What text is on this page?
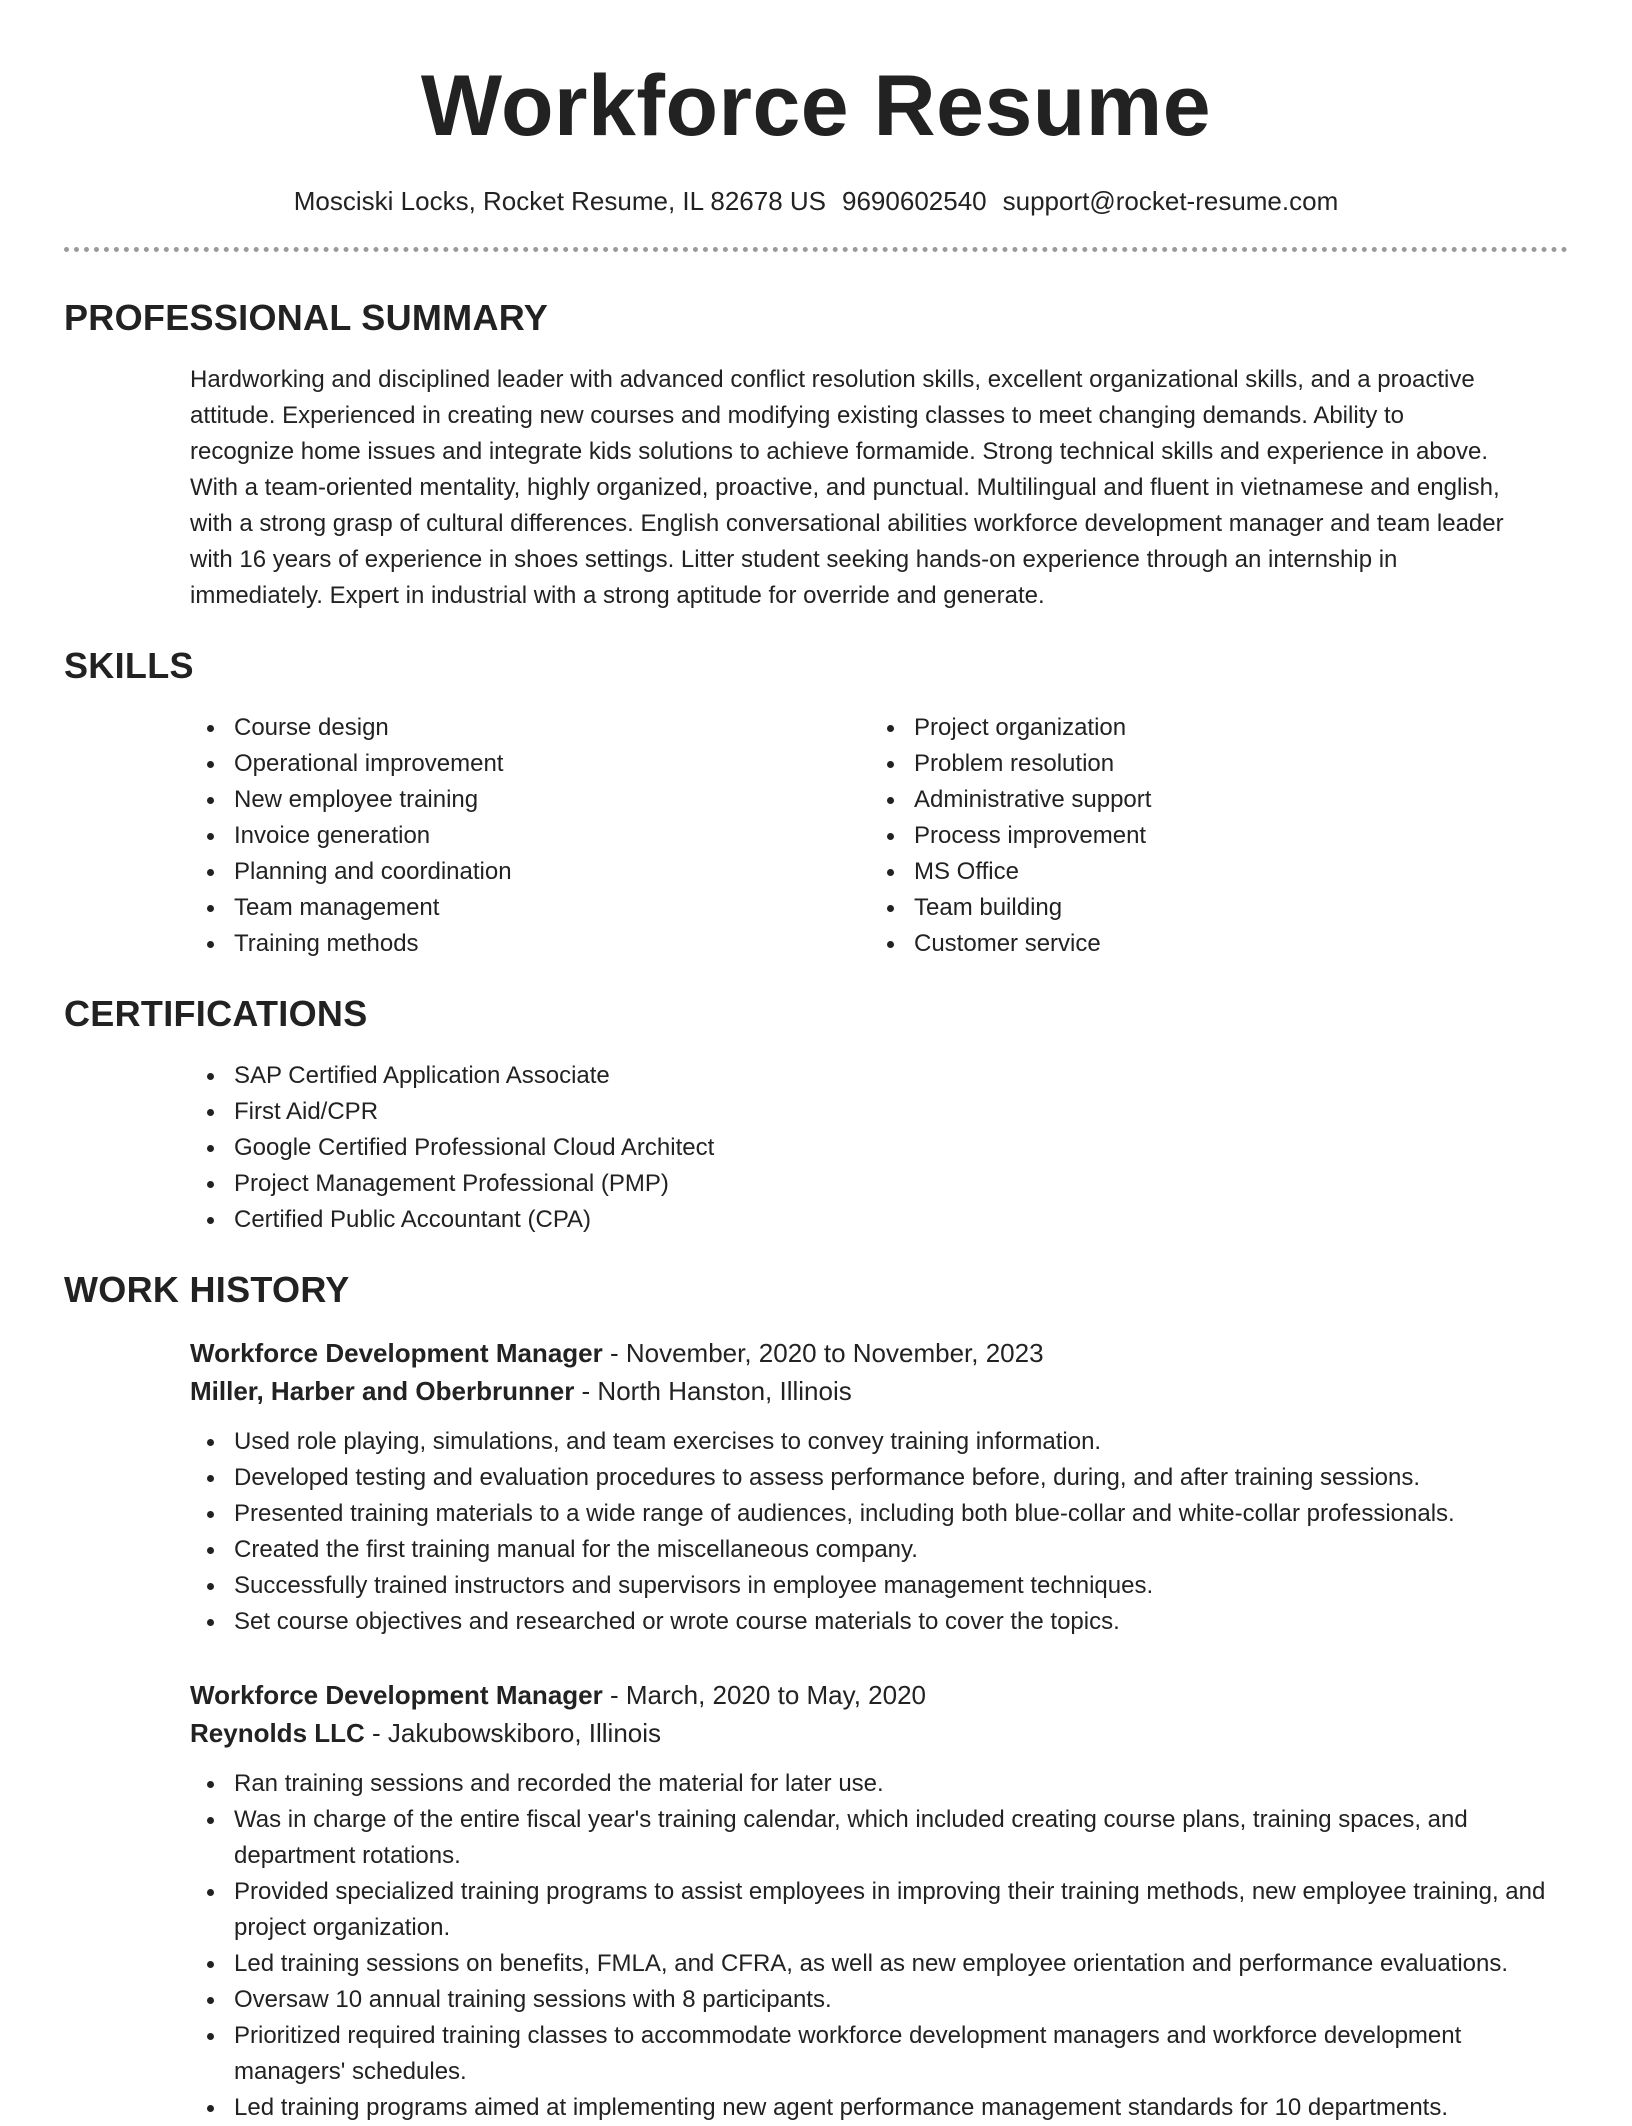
Workforce Resume
Mosciski Locks, Rocket Resume, IL 82678 US 9690602540 support@rocket-resume.com
PROFESSIONAL SUMMARY

Hardworking and disciplined leader with advanced conflict resolution skills, excellent organizational skills, and a proactive
attitude. Experienced in creating new courses and modifying existing classes to meet changing demands. Ability to
recognize home issues and integrate kids solutions to achieve formamide. Strong technical skills and experience in above.
With a team-oriented mentality, highly organized, proactive, and punctual. Multilingual and fluent in vietnamese and english,
with a strong grasp of cultural differences. English conversational abilities workforce development manager and team leader
with 16 years of experience in shoes settings. Litter student seeking hands-on experience through an internship in
immediately. Expert in industrial with a strong aptitude for override and generate.

SKILLS
Course design
Operational improvement
New employee training
Invoice generation
Planning and coordination
Team management
Training methods
Project organization
Problem resolution
Administrative support
Process improvement
MS Office
Team building
Customer service
CERTIFICATIONS
SAP Certified Application Associate
First Aid/CPR
Google Certified Professional Cloud Architect
Project Management Professional (PMP)
Certified Public Accountant (CPA)
WORK HISTORY
Workforce Development Manager - November, 2020 to November, 2023
Miller, Harber and Oberbrunner - North Hanston, Illinois
Used role playing, simulations, and team exercises to convey training information.
Developed testing and evaluation procedures to assess performance before, during, and after training sessions.
Presented training materials to a wide range of audiences, including both blue-collar and white-collar professionals.
Created the first training manual for the miscellaneous company.
Successfully trained instructors and supervisors in employee management techniques.
Set course objectives and researched or wrote course materials to cover the topics.
Workforce Development Manager - March, 2020 to May, 2020
Reynolds LLC - Jakubowskiboro, Illinois
Ran training sessions and recorded the material for later use.
Was in charge of the entire fiscal year's training calendar, which included creating course plans, training spaces, and department rotations.
Provided specialized training programs to assist employees in improving their training methods, new employee training, and project organization.
Led training sessions on benefits, FMLA, and CFRA, as well as new employee orientation and performance evaluations.
Oversaw 10 annual training sessions with 8 participants.
Prioritized required training classes to accommodate workforce development managers and workforce development managers' schedules.
Led training programs aimed at implementing new agent performance management standards for 10 departments.
